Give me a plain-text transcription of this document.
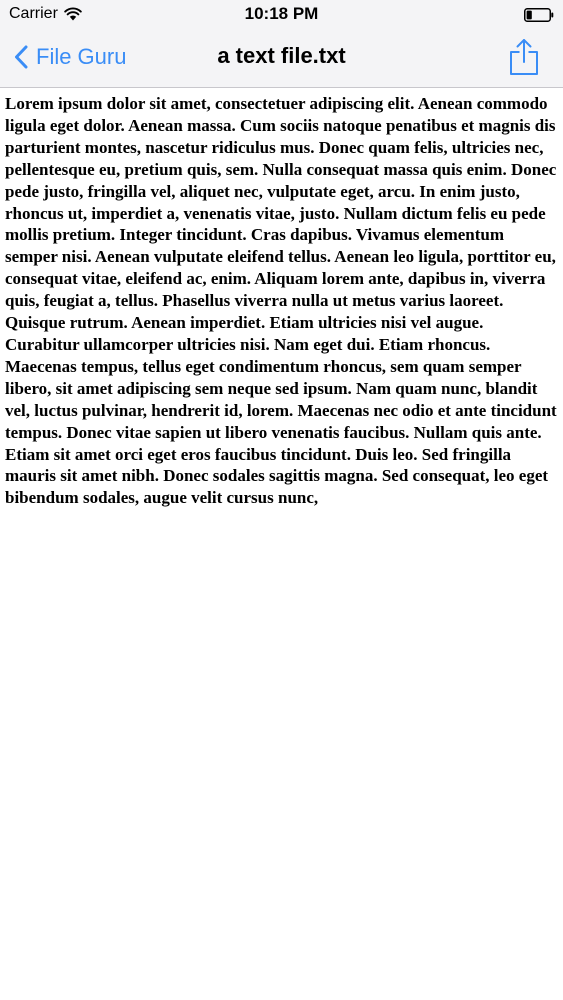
Carrier	10:18 PM
File Guru	a text file.txt

Lorem ipsum dolor sit amet, consectetuer adipiscing elit. Aenean commodo ligula eget dolor. Aenean massa. Cum sociis natoque penatibus et magnis dis parturient montes, nascetur ridiculus mus. Donec quam felis, ultricies nec, pellentesque eu, pretium quis, sem. Nulla consequat massa quis enim. Donec pede justo, fringilla vel, aliquet nec, vulputate eget, arcu. In enim justo, rhoncus ut, imperdiet a, venenatis vitae, justo. Nullam dictum felis eu pede mollis pretium. Integer tincidunt. Cras dapibus. Vivamus elementum semper nisi. Aenean vulputate eleifend tellus. Aenean leo ligula, porttitor eu, consequat vitae, eleifend ac, enim. Aliquam lorem ante, dapibus in, viverra quis, feugiat a, tellus. Phasellus viverra nulla ut metus varius laoreet. Quisque rutrum. Aenean imperdiet. Etiam ultricies nisi vel augue. Curabitur ullamcorper ultricies nisi. Nam eget dui. Etiam rhoncus. Maecenas tempus, tellus eget condimentum rhoncus, sem quam semper libero, sit amet adipiscing sem neque sed ipsum. Nam quam nunc, blandit vel, luctus pulvinar, hendrerit id, lorem. Maecenas nec odio et ante tincidunt tempus. Donec vitae sapien ut libero venenatis faucibus. Nullam quis ante. Etiam sit amet orci eget eros faucibus tincidunt. Duis leo. Sed fringilla mauris sit amet nibh. Donec sodales sagittis magna. Sed consequat, leo eget bibendum sodales, augue velit cursus nunc,
